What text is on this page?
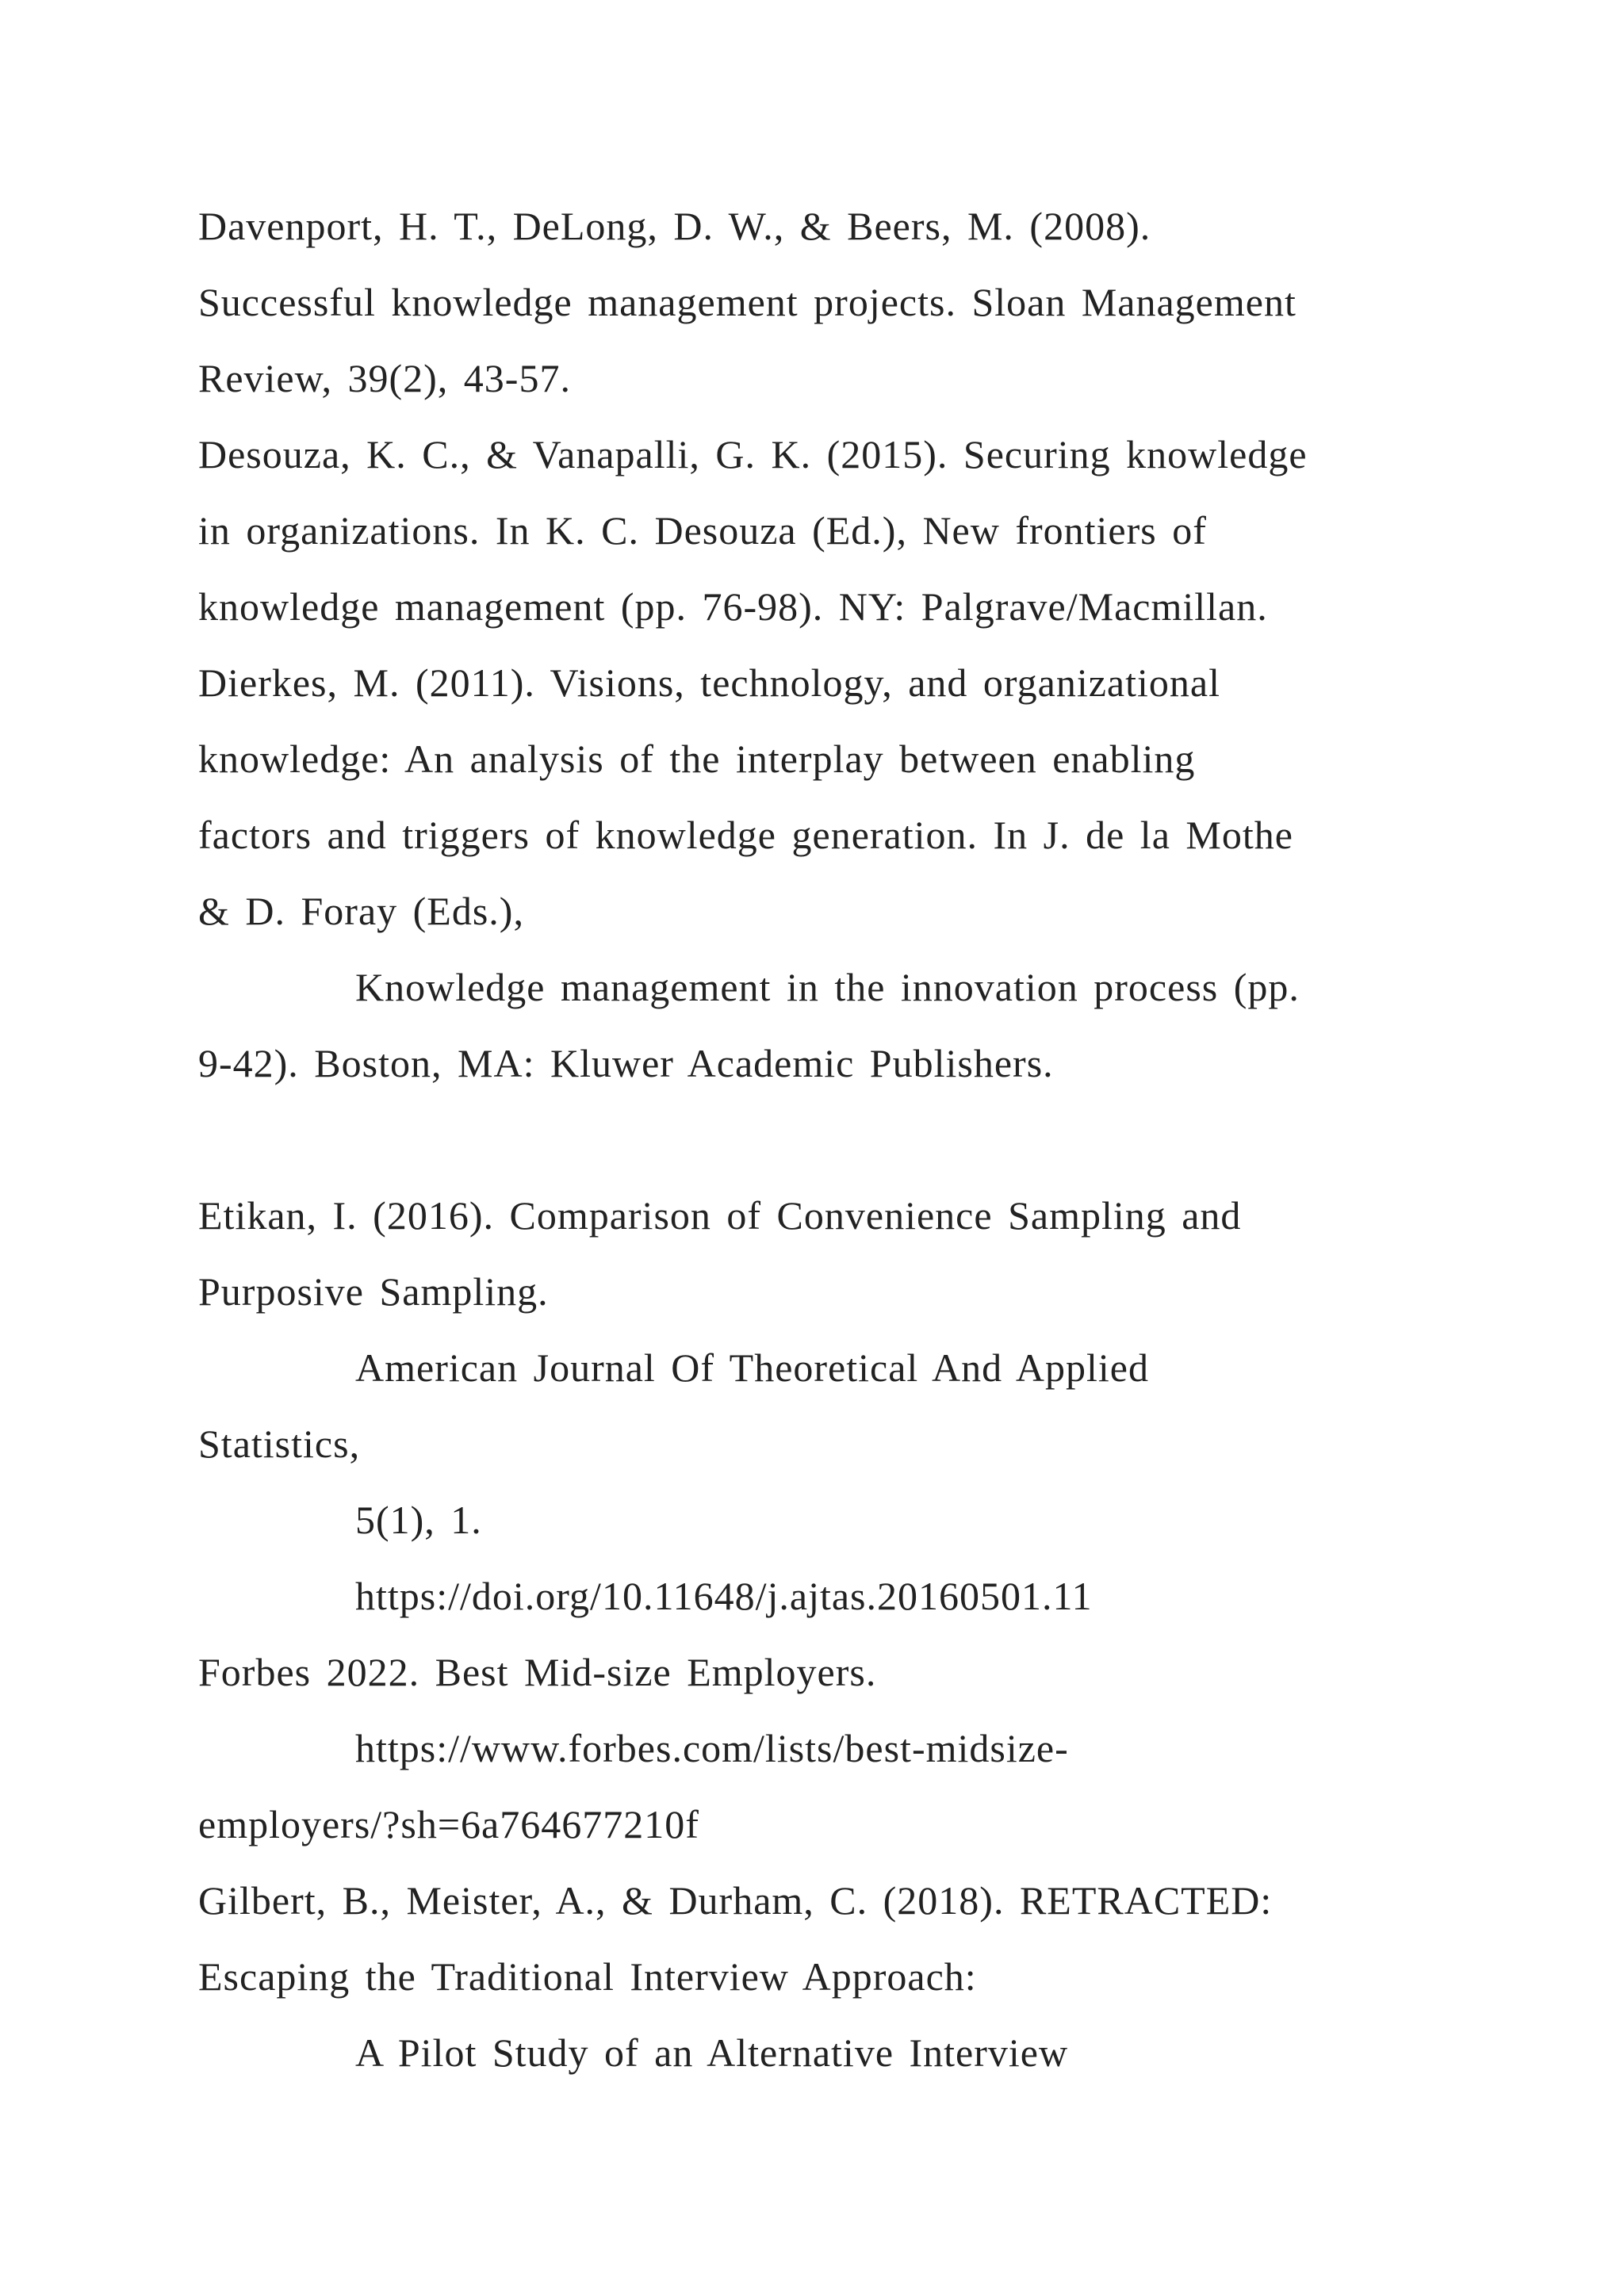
Davenport, H. T., DeLong, D. W., & Beers, M. (2008).
Successful knowledge management projects. Sloan Management
Review, 39(2), 43-57.
Desouza, K. C., & Vanapalli, G. K. (2015). Securing knowledge
in organizations. In K. C. Desouza (Ed.), New frontiers of
knowledge management (pp. 76-98). NY: Palgrave/Macmillan.
Dierkes, M. (2011). Visions, technology, and organizational
knowledge: An analysis of the interplay between enabling
factors and triggers of knowledge generation. In J. de la Mothe
& D. Foray (Eds.),
Knowledge management in the innovation process (pp.
9-42). Boston, MA: Kluwer Academic Publishers.
Etikan, I. (2016). Comparison of Convenience Sampling and
Purposive Sampling.
American Journal Of Theoretical And Applied
Statistics,
5(1), 1.
https://doi.org/10.11648/j.ajtas.20160501.11
Forbes 2022. Best Mid-size Employers.
https://www.forbes.com/lists/best-midsize-
employers/?sh=6a764677210f
Gilbert, B., Meister, A., & Durham, C. (2018). RETRACTED:
Escaping the Traditional Interview Approach:
A Pilot Study of an Alternative Interview
